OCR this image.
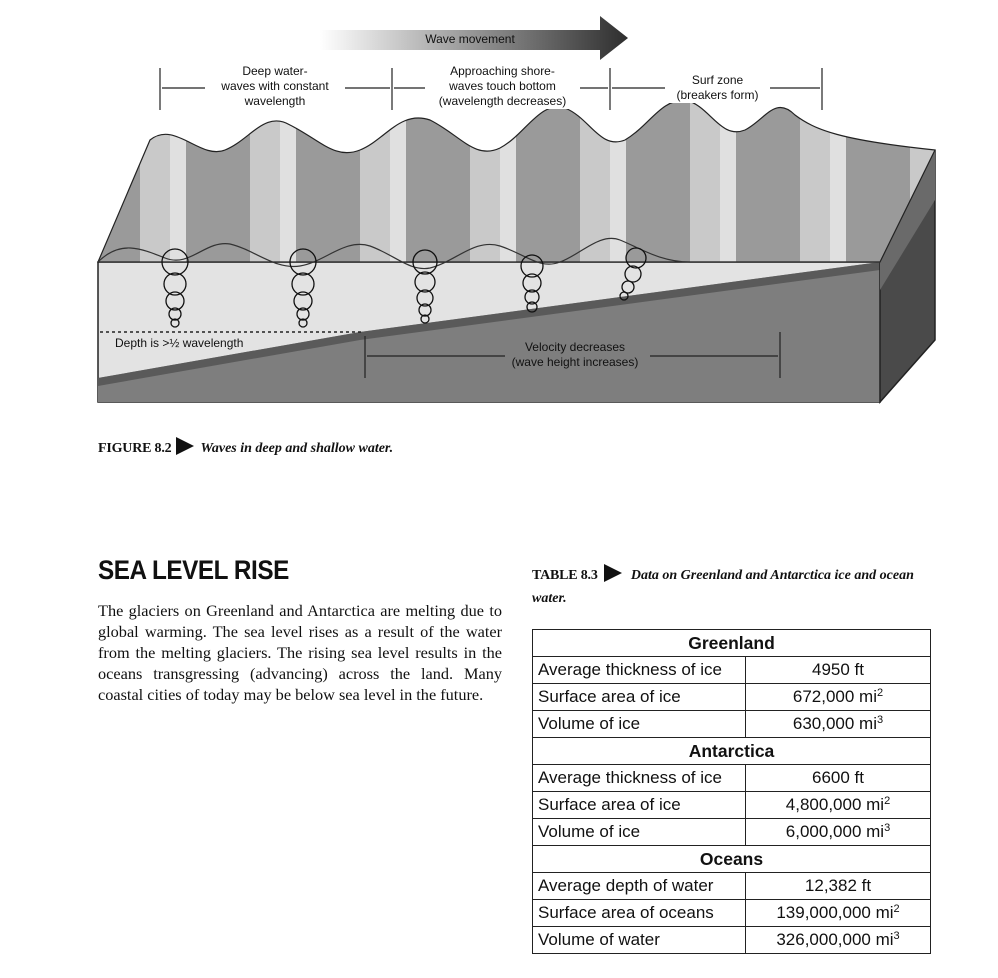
Wave movement
Deep water-
waves with constant
wavelength
Approaching shore-
waves touch bottom
(wavelength decreases)
Surf zone
(breakers form)
Depth is >½ wavelength	Velocity decreases
(wave height increases)
FIGURE 8.2 Waves in deep and shallow water.
SEA LEVEL RISE
The glaciers on Greenland and Antarctica are melting due to global warming. The sea level rises as a result of the water from the melting glaciers. The rising sea level results in the oceans transgressing (advancing) across the land. Many coastal cities of today may be below sea level in the future.
TABLE 8.3 Data on Greenland and Antarctica ice and ocean water.
Greenland	
Average thickness of ice	4950 ft
Surface area of ice	672,000 $mi^2$
Volume of ice	630,000 $mi^3$
Antarctica	
Average thickness of ice	6600 ft
Surface area of ice	4,800,000 $mi^2$
Volume of ice	6,000,000 $mi^3$
Oceans	
Average depth of water	12,382 ft
Surface area of oceans	139,000,000 $mi^2$
Volume of water	326,000,000 $mi^3$
